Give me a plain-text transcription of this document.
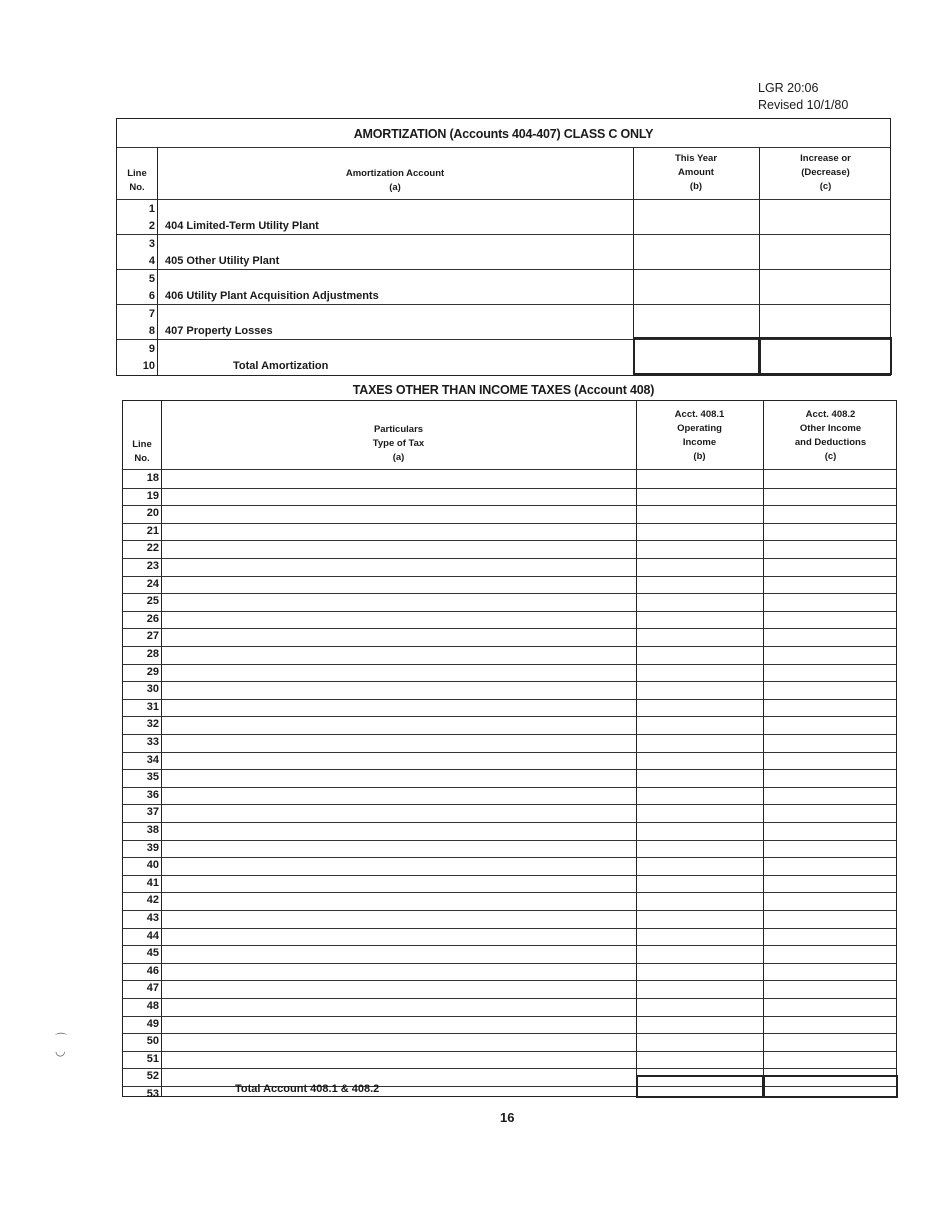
LGR 20:06
Revised 10/1/80
AMORTIZATION (Accounts 404-407) CLASS C ONLY
Line
No.
Amortization Account
(a)
This Year
Amount
(b)
Increase or
(Decrease)
(c)
1
2 404 Limited-Term Utility Plant
3
4 405 Other Utility Plant
5
6 406 Utility Plant Acquisition Adjustments
7
8 407 Property Losses
9
10	Total Amortization
TAXES OTHER THAN INCOME TAXES (Account 408)
Line
No.
Particulars
Type of Tax
(a)
Acct. 408.1
Operating
Income
(b)
Acct. 408.2
Other Income
and Deductions
(c)
18
19
20
21
22
23
24
25
26
27
28
29
30
31
32
33
34
35
36
37
38
39
40
41
42
43
44
45
46
47
48
49
50
51
52
53	Total Account 408.1 & 408.2
16
⌒
◡
